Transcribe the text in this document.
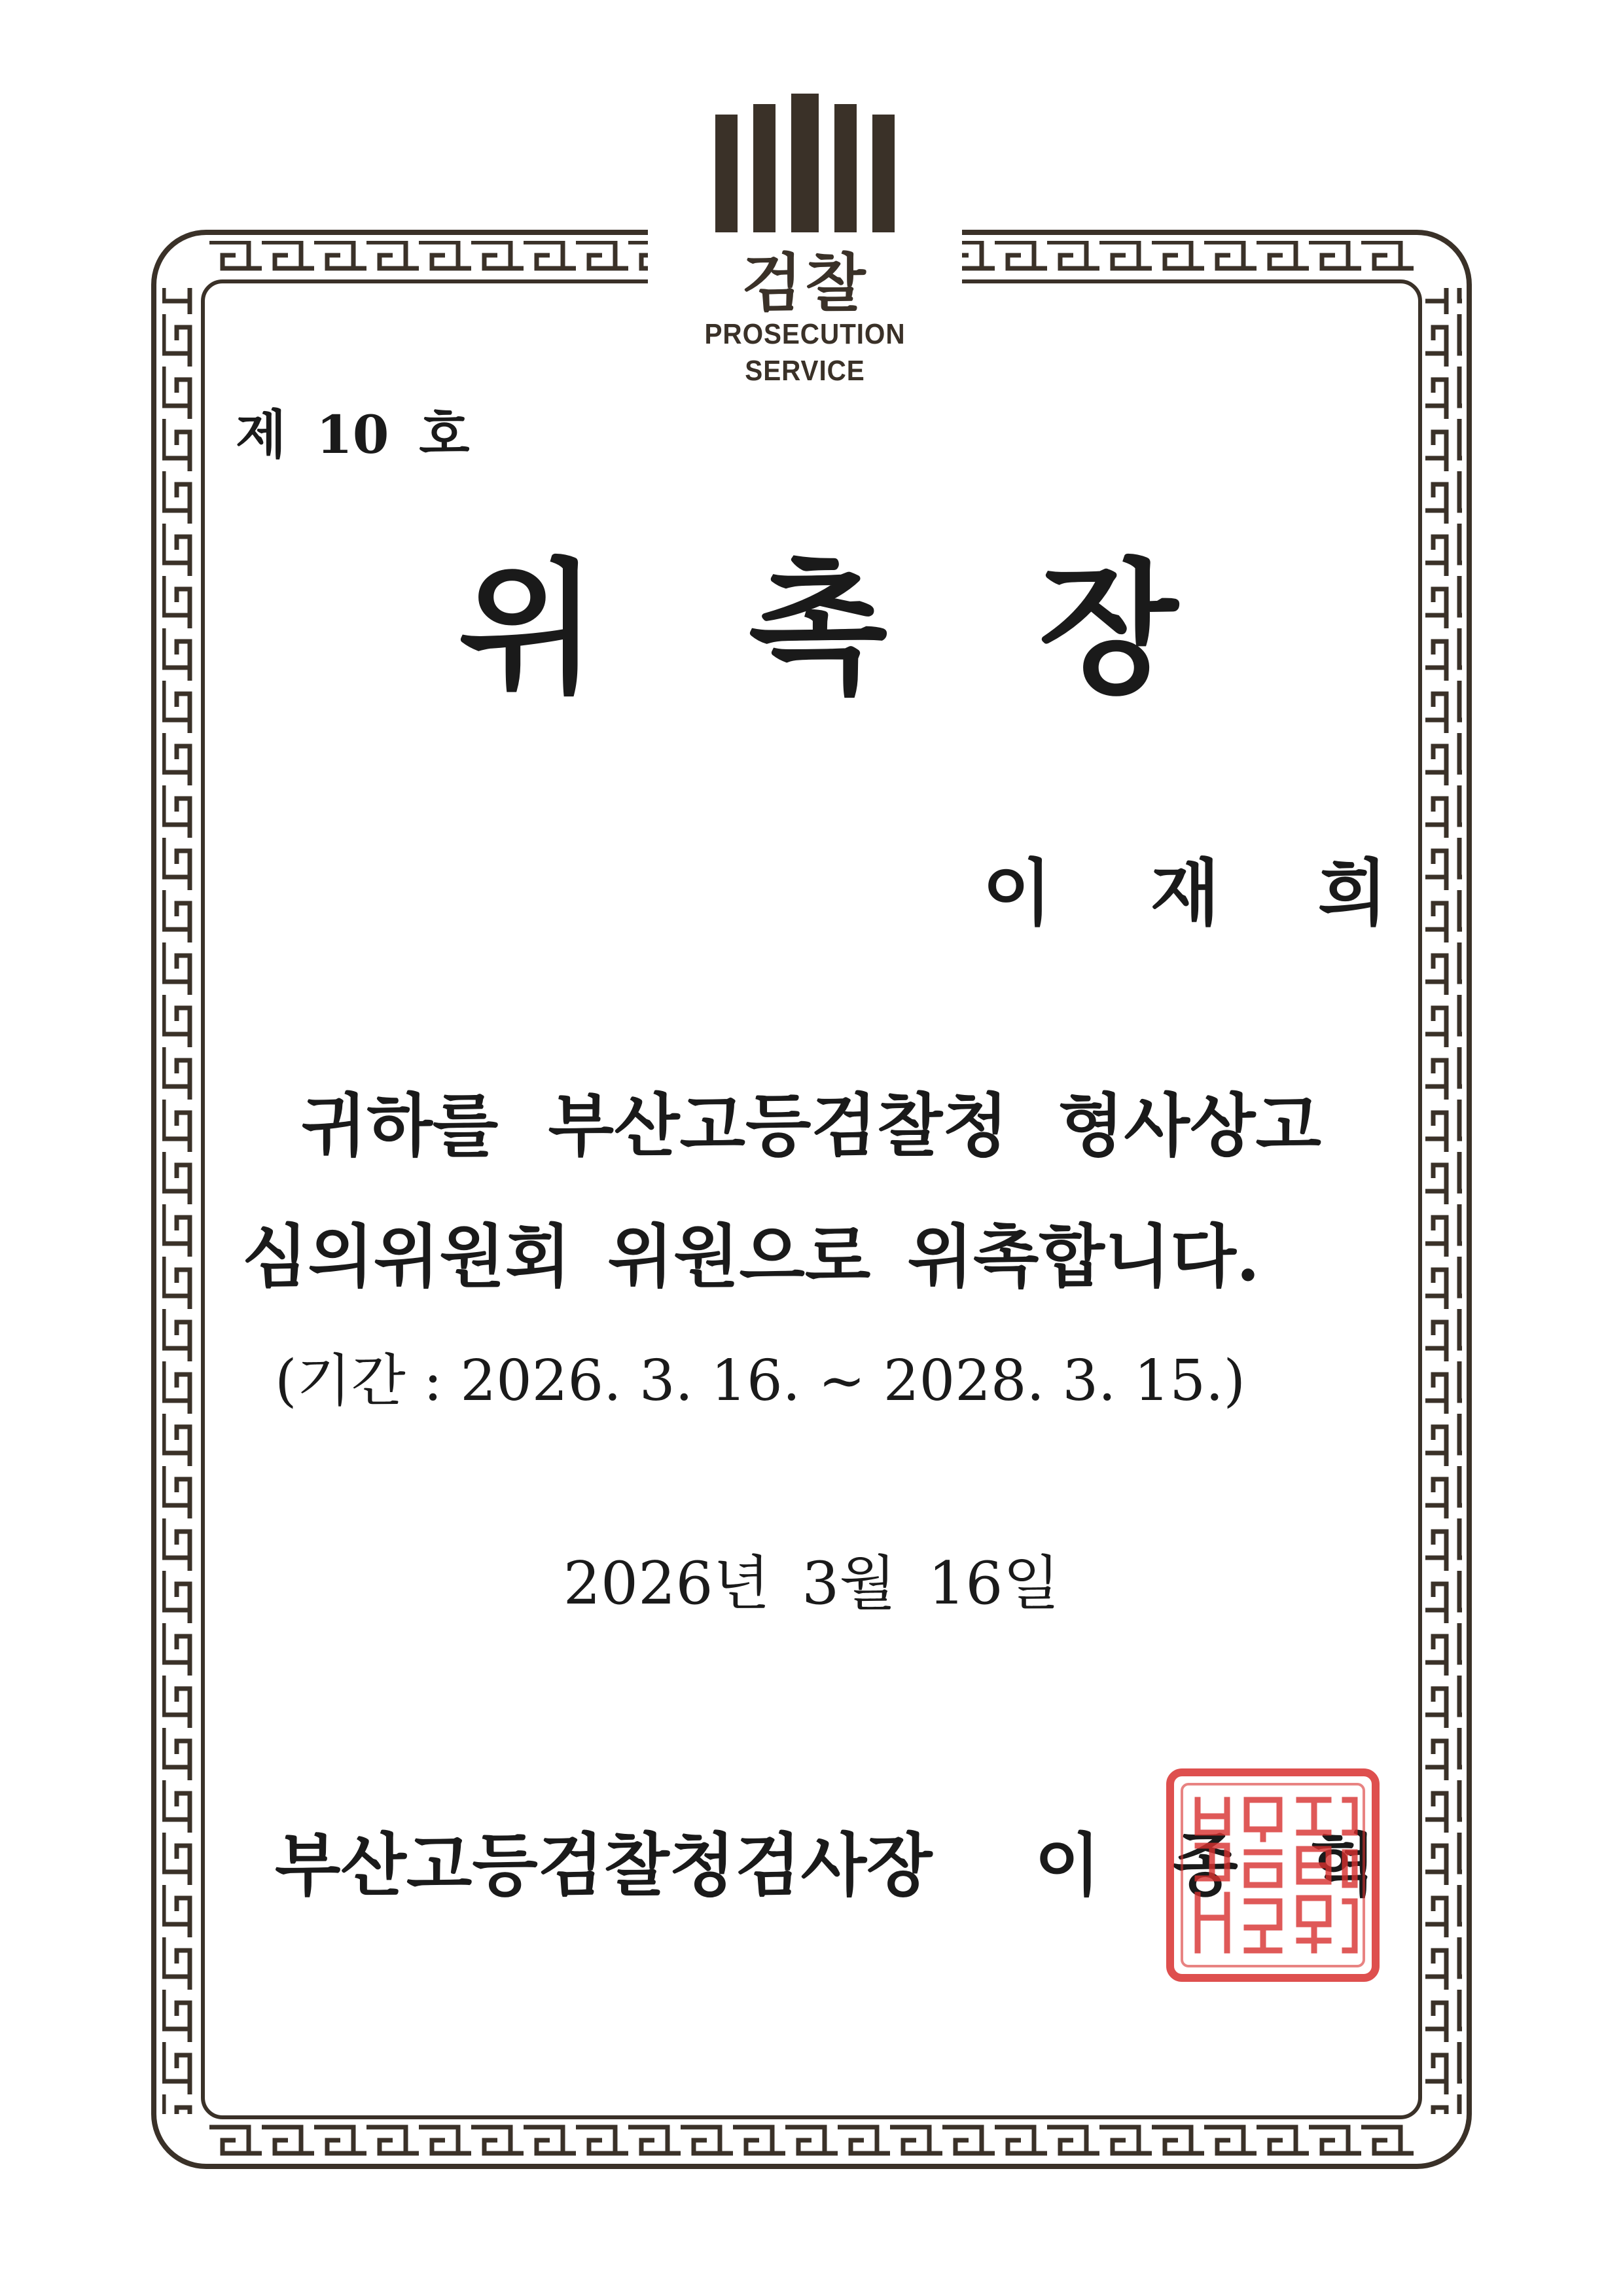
검찰
PROSECUTION SERVICE
제 10 호
위 촉 장
이 재 희
귀하를 부산고등검찰청 형사상고
심의위원회 위원으로 위촉합니다.
(기간 : 2026. 3. 16. ~ 2028. 3. 15.)
2026년 3월 16일
부산고등검찰청검사장 이 종 혁
